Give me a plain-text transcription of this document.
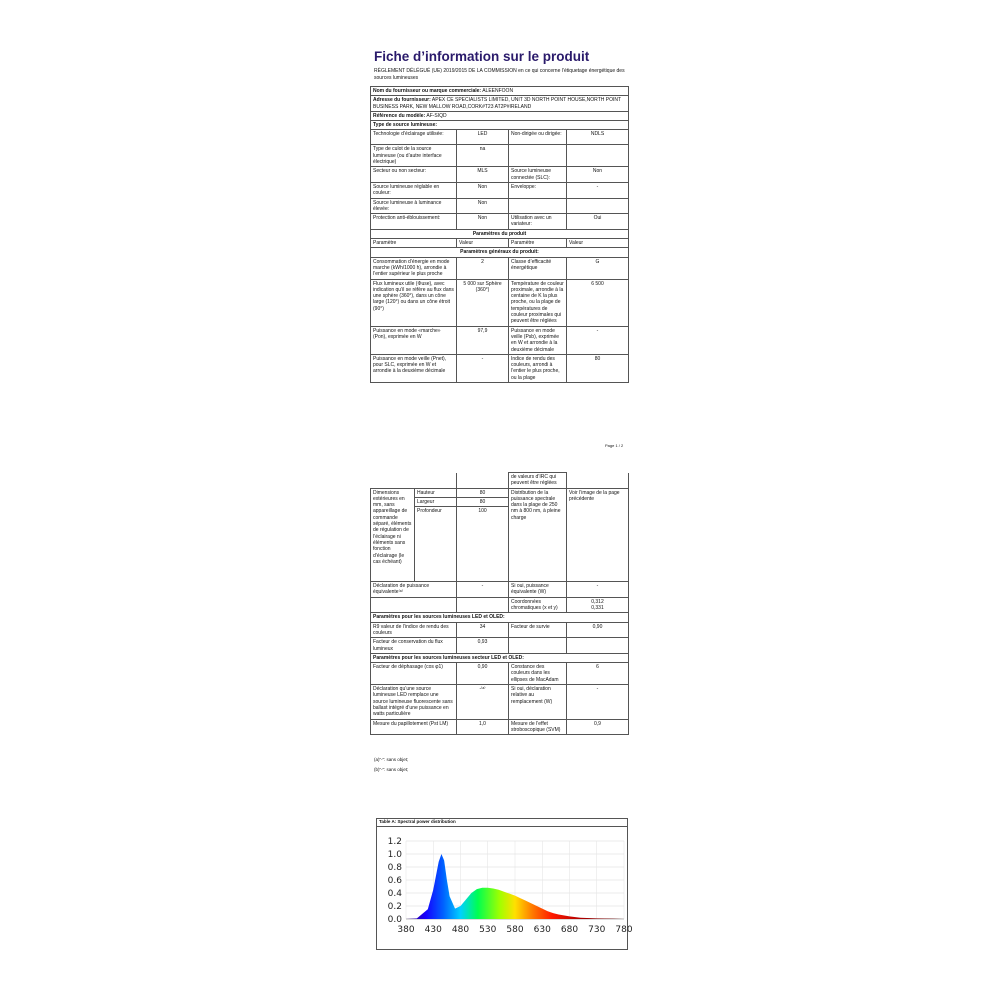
Fiche d’information sur le produit
RÈGLEMENT DÉLÉGUÉ (UE) 2019/2015 DE LA COMMISSION en ce qui concerne l’étiquetage énergétique des sources lumineuses
Nom du fournisseur ou marque commerciale: ALEENFOON			
Adresse du fournisseur: APEX CE SPECIALISTS LIMITED, UNIT 3D NORTH POINT HOUSE,NORTH POINT BUSINESS PARK, NEW MALLOW ROAD,CORK#T23 AT2P#IRELAND			
Référence du modèle: AF-SIQD			
Type de source lumineuse:			
Technologie d’éclairage utilisée:	LED	Non-dirigée ou dirigée:	NDLS
Type de culot de la source lumineuse (ou d’autre interface électrique)	na		
Secteur ou non secteur:	MLS	Source lumineuse connectée (SLC):	Non
Source lumineuse réglable en couleur:	Non	Enveloppe:	-
Source lumineuse à luminance élevée:	Non		
Protection anti-éblouissement:	Non	Utilisation avec un variateur:	Oui
Paramètres du produit			
Paramètre	Valeur	Paramètre	Valeur
Paramètres généraux du produit:			
Consommation d’énergie en mode marche (kWh/1000 h), arrondie à l’entier supérieur le plus proche	2	Classe d’efficacité énergétique	G
Flux lumineux utile (Φuse), avec indication qu’il se réfère au flux dans une sphère (360°), dans un cône large (120°) ou dans un cône étroit (90°)	5 000 sur Sphère (360°)	Température de couleur proximale, arrondie à la centaine de K la plus proche, ou la plage de températures de couleur proximales qui peuvent être réglées	6 500
Puissance en mode «marche» (Pon), exprimée en W	97,9	Puissance en mode veille (Psb), exprimée en W et arrondie à la deuxième décimale	-
Puissance en mode veille (Pnet), pour SLC, exprimée en W et arrondie à la deuxième décimale	-	Indice de rendu des couleurs, arrondi à l’entier le plus proche, ou la plage	80
Page 1 / 2
			de valeurs d’IRC qui peuvent être réglées	
Dimensions extérieures en mm, sans appareillage de commande séparé, éléments de régulation de l’éclairage ni éléments sans fonction d’éclairage (le cas échéant)	Hauteur	80	Distribution de la puissance spectrale dans la plage de 250 nm à 800 nm, à pleine charge	Voir l’image de la page précédente
	Largeur	80		
	Profondeur	100		
Déclaration de puissance équivalente⁽ᵃ⁾		-	Si oui, puissance équivalente (W)	-
			Coordonnées chromatiques (x et y)	0,312
0,331
Paramètres pour les sources lumineuses LED et OLED:				
R9 valeur de l’indice de rendu des couleurs		34	Facteur de survie	0,90
Facteur de conservation du flux lumineux		0,93		
Paramètres pour les sources lumineuses secteur LED et OLED:				
Facteur de déphasage (cos φ1)		0,90	Constance des couleurs dans les ellipses de MacAdam	6
Déclaration qu’une source lumineuse LED remplace une source lumineuse fluorescente sans ballast intégré d’une puissance en watts particulière		-⁽ᵃ⁾	Si oui, déclaration relative au remplacement (W)	-
Mesure du papillotement (Pst LM)		1,0	Mesure de l’effet stroboscopique (SVM)	0,9
(a)“-”: sans objet;
(b)“-”: sans objet;
Table A: Spectral power distribution
1.2
1.0
0.8
0.6
0.4
0.2
0.0
380 430 480 530 580 630 680 730 780
